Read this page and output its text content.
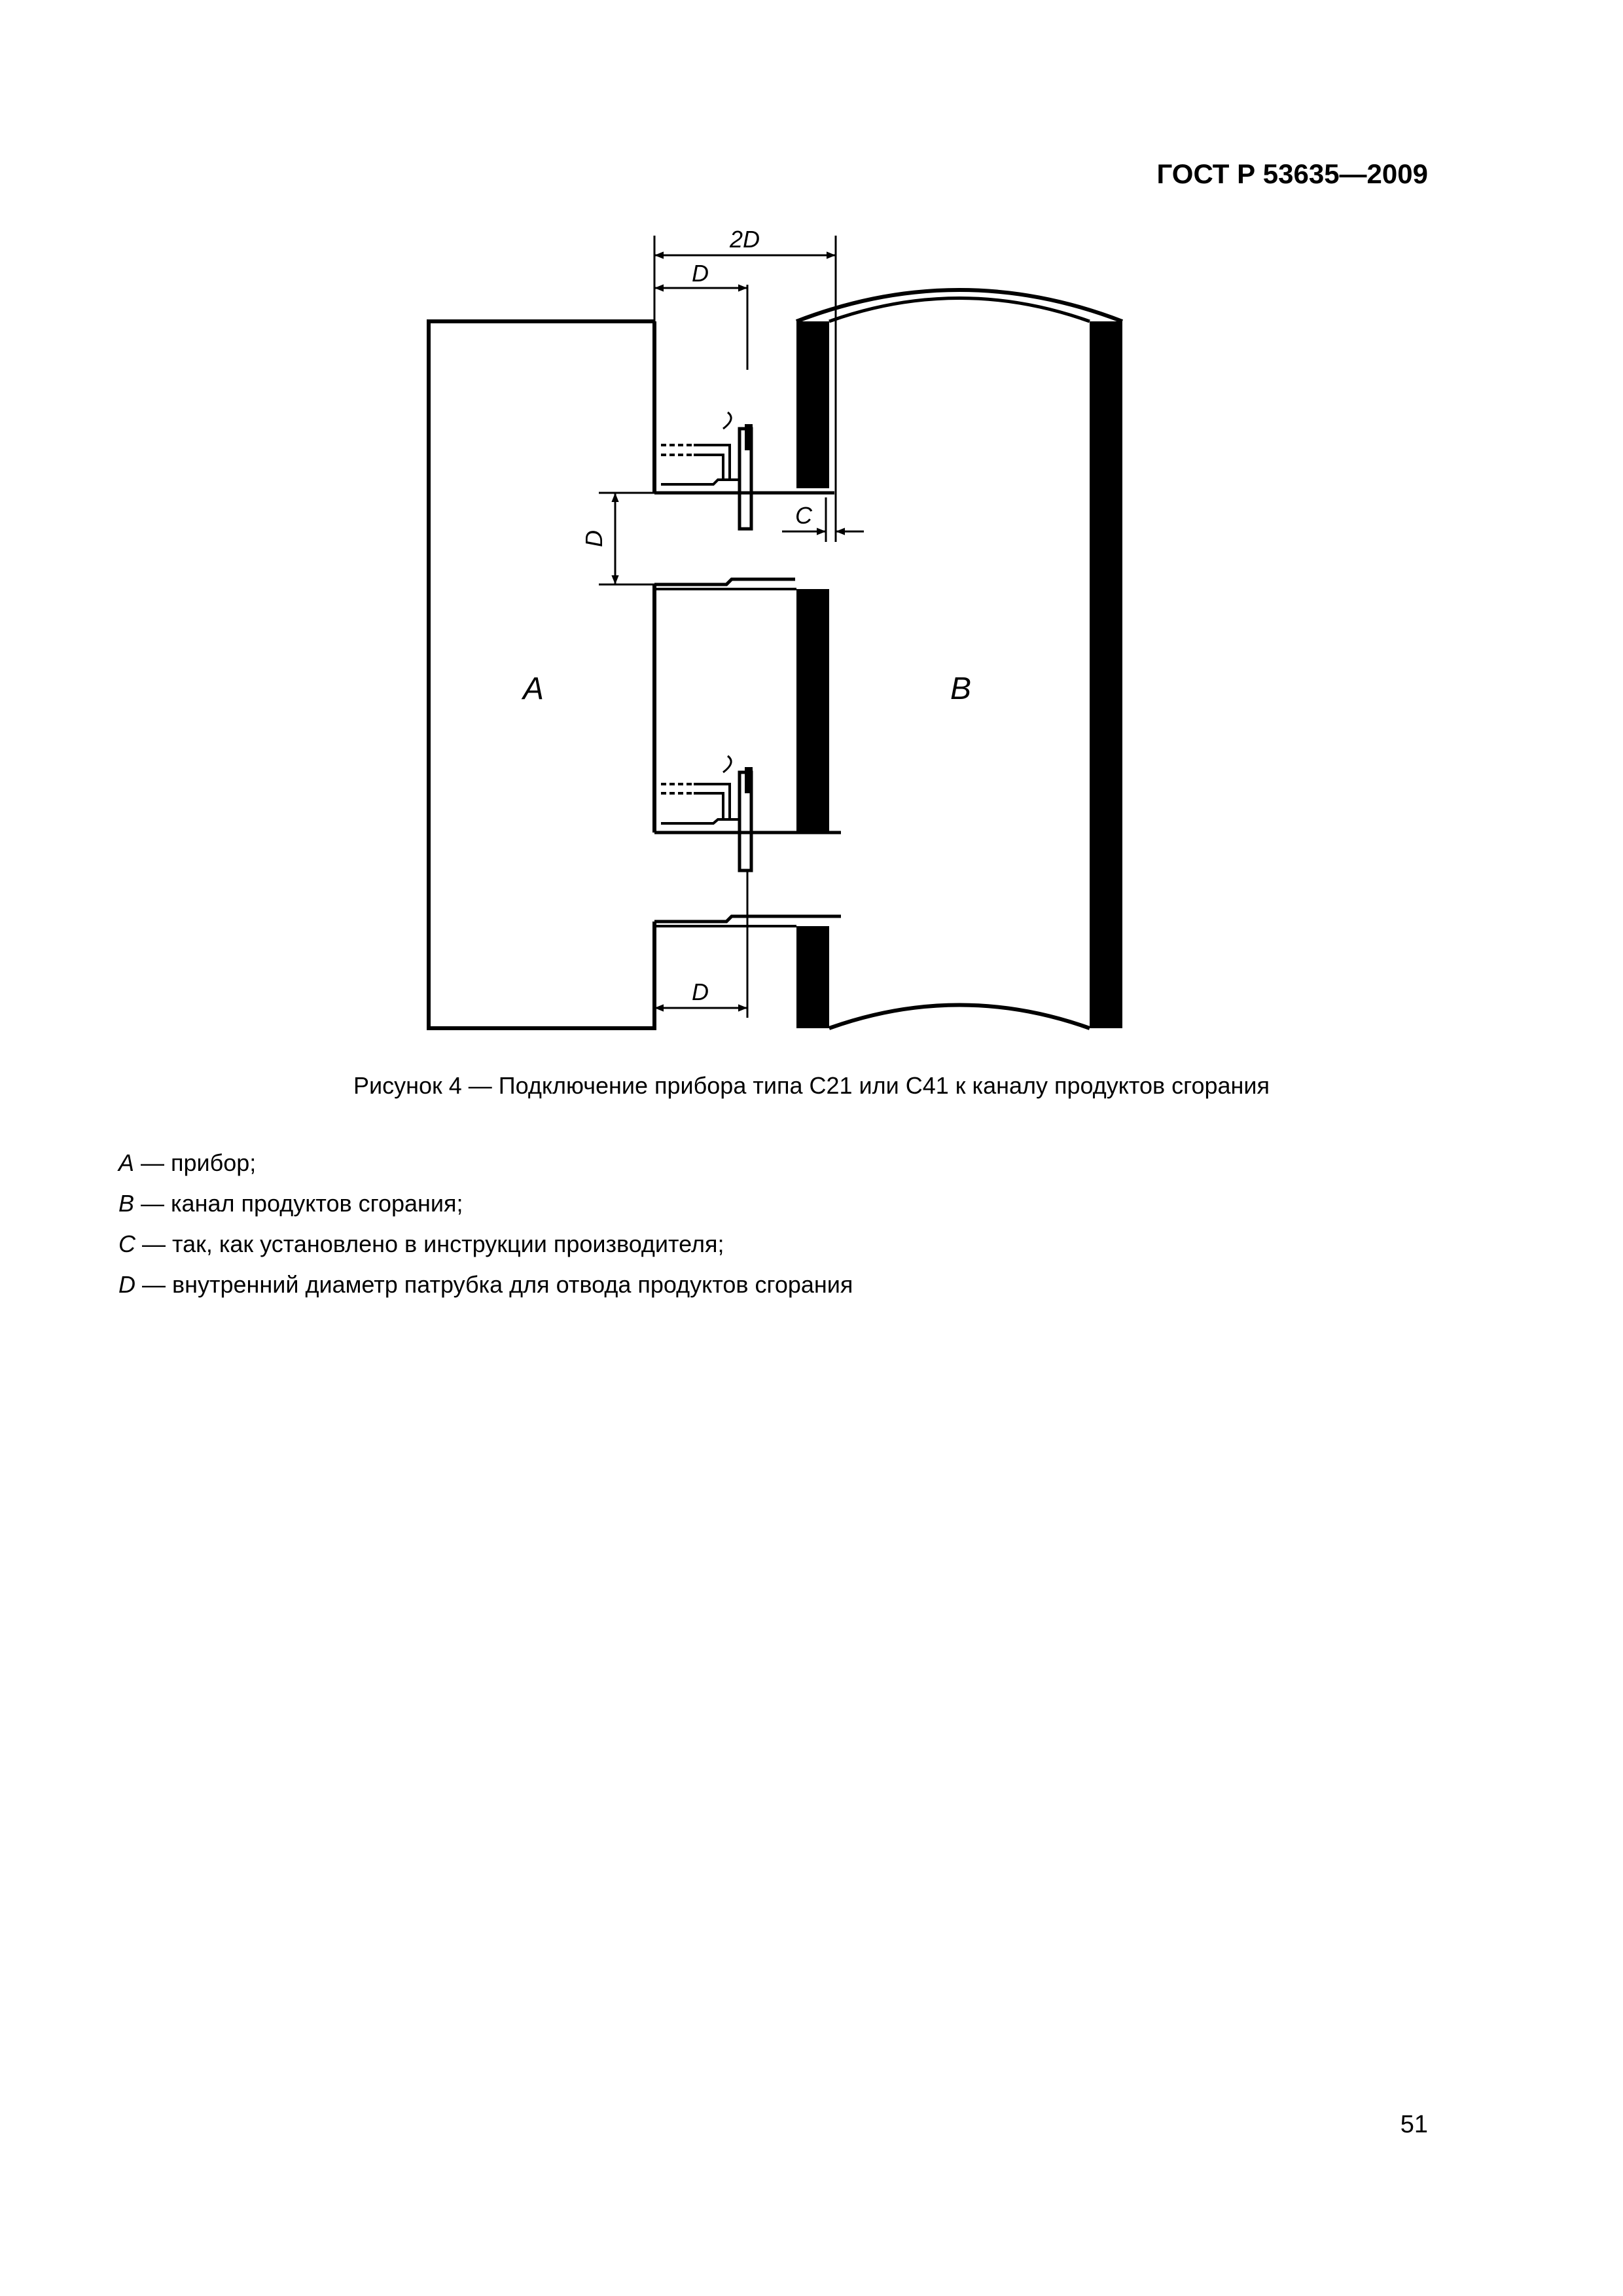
ГОСТ Р 53635—2009
2D
D
D
C
D
A	B
Рисунок 4 — Подключение прибора типа С21 или С41 к каналу продуктов сгорания
A — прибор;
B — канал продуктов сгорания;
C — так, как установлено в инструкции производителя;
D — внутренний диаметр патрубка для отвода продуктов сгорания
51
